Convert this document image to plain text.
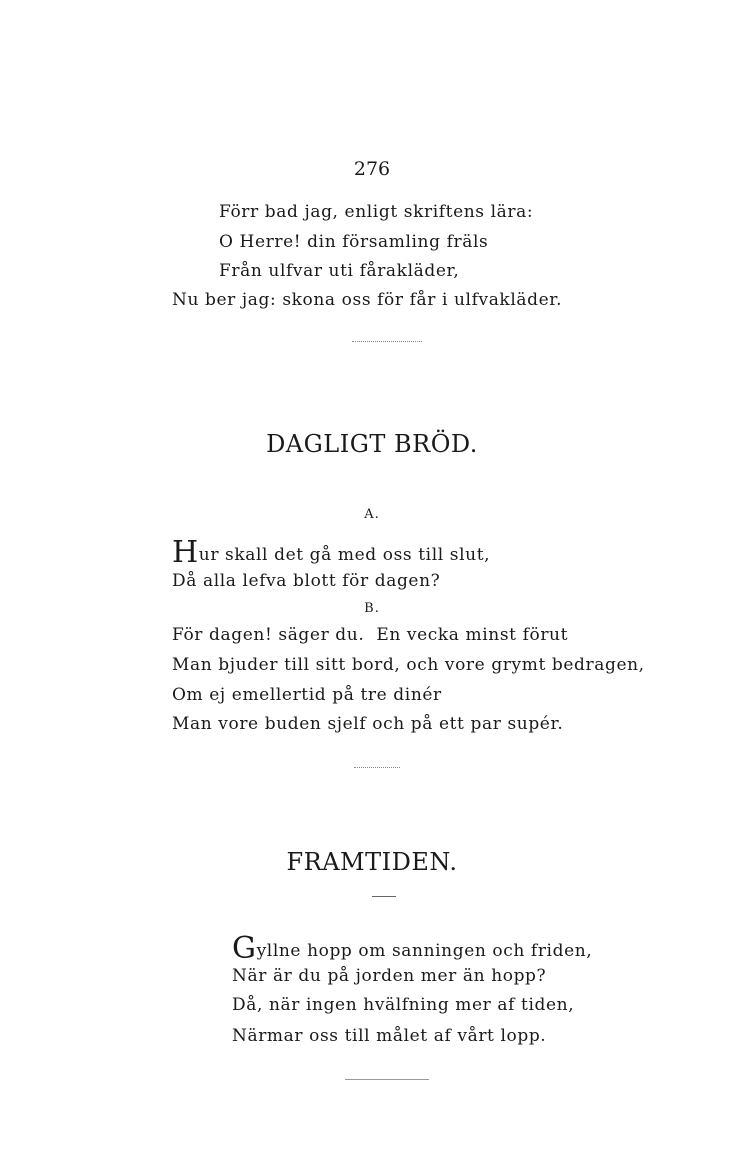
276
Förr bad jag, enligt skriftens lära:
O Herre! din församling fräls
Från ulfvar uti fårakläder,
Nu ber jag: skona oss för får i ulfvakläder.
DAGLIGT BRÖD.
A.
Hur skall det gå med oss till slut,
Då alla lefva blott för dagen?
B.
För dagen! säger du.  En vecka minst förut
Man bjuder till sitt bord, och vore grymt bedragen,
Om ej emellertid på tre dinér
Man vore buden sjelf och på ett par supér.
FRAMTIDEN.
Gyllne hopp om sanningen och friden,
När är du på jorden mer än hopp?
Då, när ingen hvälfning mer af tiden,
Närmar oss till målet af vårt lopp.
